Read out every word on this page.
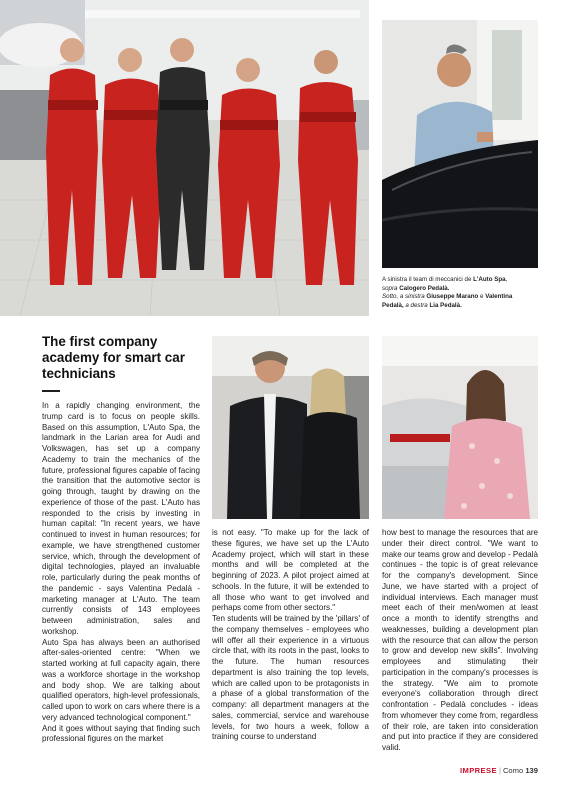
A sinistra il team di meccanici de L'Auto Spa,
sopra Calogero Pedalà.
Sotto, a sinistra Giuseppe Marano e Valentina
Pedalà, a destra Lia Pedalà.
The first company academy for smart car technicians

In a rapidly changing environment, the trump card is to focus on people skills. Based on this assumption, L'Auto Spa, the landmark in the Larian area for Audi and Volkswagen, has set up a company Academy to train the mechanics of the future, professional figures capable of facing the transition that the automotive sector is going through, taught by drawing on the experience of those of the past. L'Auto has responded to the crisis by investing in human capital: "In recent years, we have continued to invest in human resources; for example, we have strengthened customer service, which, through the development of digital technologies, played an invaluable role, particularly during the peak months of the pandemic - says Valentina Pedalà - marketing manager at L'Auto. The team currently consists of 143 employees between administration, sales and workshop.

Auto Spa has always been an authorised after-sales-oriented centre: "When we started working at full capacity again, there was a workforce shortage in the workshop and body shop. We are talking about qualified operators, high-level professionals, called upon to work on cars where there is a very advanced technological component."

And it goes without saying that finding such professional figures on the market

is not easy. "To make up for the lack of these figures, we have set up the L'Auto Academy project, which will start in these months and will be completed at the beginning of 2023. A pilot project aimed at schools. In the future, it will be extended to all those who want to get involved and perhaps come from other sectors."

Ten students will be trained by the 'pillars' of the company themselves - employees who will offer all their experience in a virtuous circle that, with its roots in the past, looks to the future. The human resources department is also training the top levels, which are called upon to be protagonists in a phase of a global transformation of the company: all department managers at the sales, commercial, service and warehouse levels, for two hours a week, follow a training course to understand

how best to manage the resources that are under their direct control. "We want to make our teams grow and develop - Pedalà continues - the topic is of great relevance for the company's development. Since June, we have started with a project of individual interviews. Each manager must meet each of their men/women at least once a month to identify strengths and weaknesses, building a development plan with the resource that can allow the person to grow and develop new skills". Involving employees and stimulating their participation in the company's processes is the strategy. "We aim to promote everyone's collaboration through direct confrontation - Pedalà concludes - ideas from whomever they come from, regardless of their role, are taken into consideration and put into practice if they are considered valid.

IMPRESE | Como 139
